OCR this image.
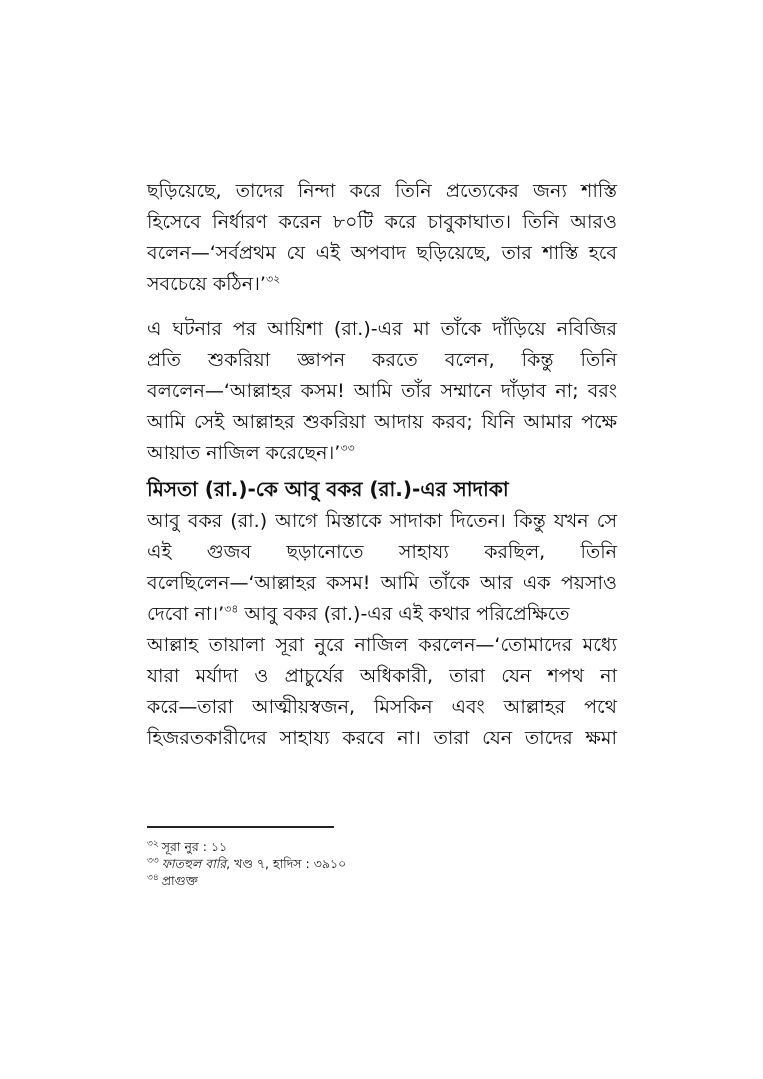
ছড়িয়েছে, তাদের নিন্দা করে তিনি প্রত্যেকের জন্য শাস্তি
হিসেবে নির্ধারণ করেন ৮০টি করে চাবুকাঘাত। তিনি আরও
বলেন—‘সর্বপ্রথম যে এই অপবাদ ছড়িয়েছে, তার শাস্তি হবে
সবচেয়ে কঠিন।’$^{৩২}$
এ ঘটনার পর আয়িশা (রা.)-এর মা তাঁকে দাঁড়িয়ে নবিজির
প্রতি শুকরিয়া জ্ঞাপন করতে বলেন, কিন্তু তিনি
বললেন—‘আল্লাহর কসম! আমি তাঁর সম্মানে দাঁড়াব না; বরং
আমি সেই আল্লাহর শুকরিয়া আদায় করব; যিনি আমার পক্ষে
আয়াত নাজিল করেছেন।’$^{৩৩}$
মিসতা (রা.)-কে আবু বকর (রা.)-এর সাদাকা
আবু বকর (রা.) আগে মিস্তাকে সাদাকা দিতেন। কিন্তু যখন সে
এই গুজব ছড়ানোতে সাহায্য করছিল, তিনি
বলেছিলেন—‘আল্লাহর কসম! আমি তাঁকে আর এক পয়সাও
দেবো না।’$^{৩৪}$ আবু বকর (রা.)-এর এই কথার পরিপ্রেক্ষিতে
আল্লাহ তায়ালা সূরা নুরে নাজিল করলেন—‘তোমাদের মধ্যে
যারা মর্যাদা ও প্রাচুর্যের অধিকারী, তারা যেন শপথ না
করে—তারা আত্মীয়স্বজন, মিসকিন এবং আল্লাহর পথে
হিজরতকারীদের সাহায্য করবে না। তারা যেন তাদের ক্ষমা
$^{৩২}$ সূরা নুর : ১১
$^{৩৩}$ ফাতহুল বারি, খণ্ড ৭, হাদিস : ৩৯১০
$^{৩৪}$ প্রাগুক্ত
